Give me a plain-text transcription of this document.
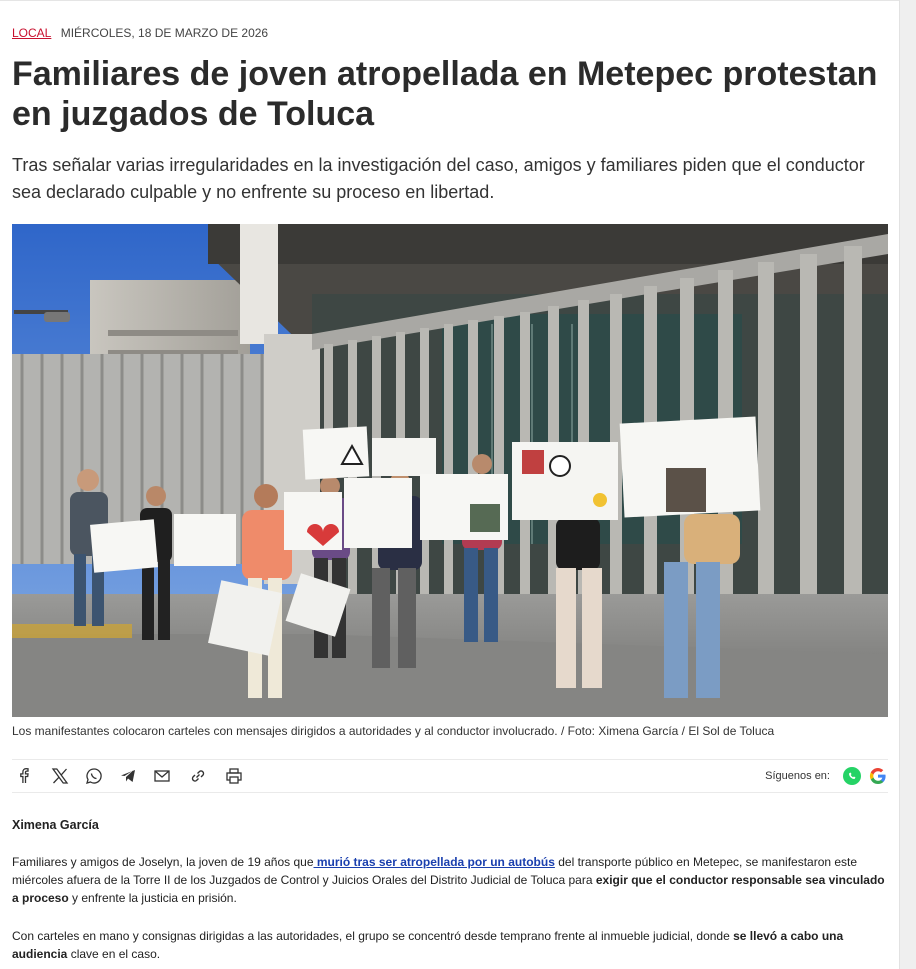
LOCAL MIÉRCOLES, 18 DE MARZO DE 2026
Familiares de joven atropellada en Metepec protestan en juzgados de Toluca

Tras señalar varias irregularidades en la investigación del caso, amigos y familiares piden que el conductor sea declarado culpable y no enfrente su proceso en libertad.

Los manifestantes colocaron carteles con mensajes dirigidos a autoridades y al conductor involucrado. / Foto: Ximena García / El Sol de Toluca
Síguenos en:
Ximena García

Familiares y amigos de Joselyn, la joven de 19 años que murió tras ser atropellada por un autobús del transporte público en Metepec, se manifestaron este miércoles afuera de la Torre II de los Juzgados de Control y Juicios Orales del Distrito Judicial de Toluca para exigir que el conductor responsable sea vinculado a proceso y enfrente la justicia en prisión.

Con carteles en mano y consignas dirigidas a las autoridades, el grupo se concentró desde temprano frente al inmueble judicial, donde se llevó a cabo una audiencia clave en el caso.
